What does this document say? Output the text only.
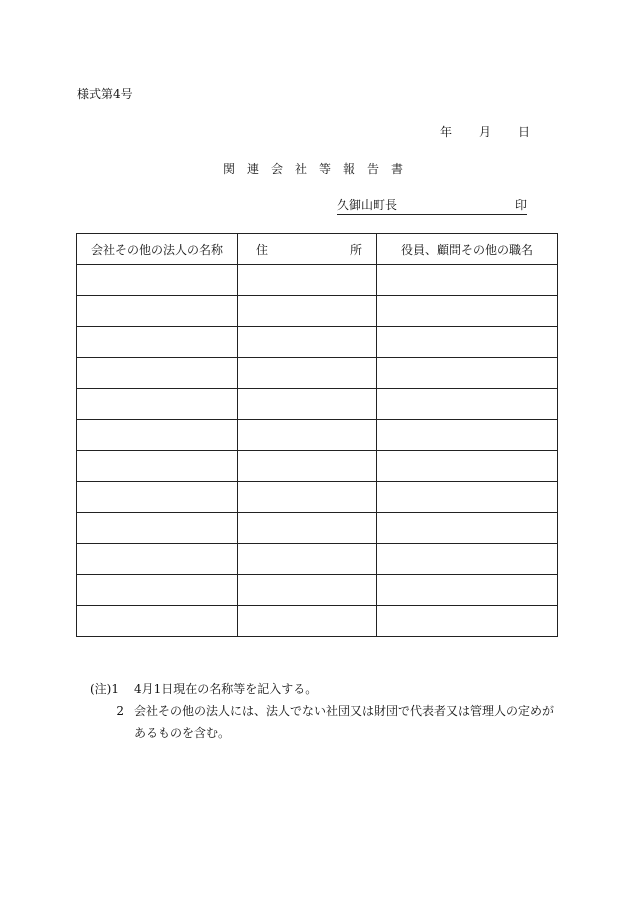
様式第4号
年 月 日
関連会社等報告書
久御山町長	印
会社その他の法人の名称	住 所	役員、顧問その他の職名

(注)1	4月1日現在の名称等を記入する。
2 会社その他の法人には、法人でない社団又は財団で代表者又は管理人の定めがあるものを含む。
